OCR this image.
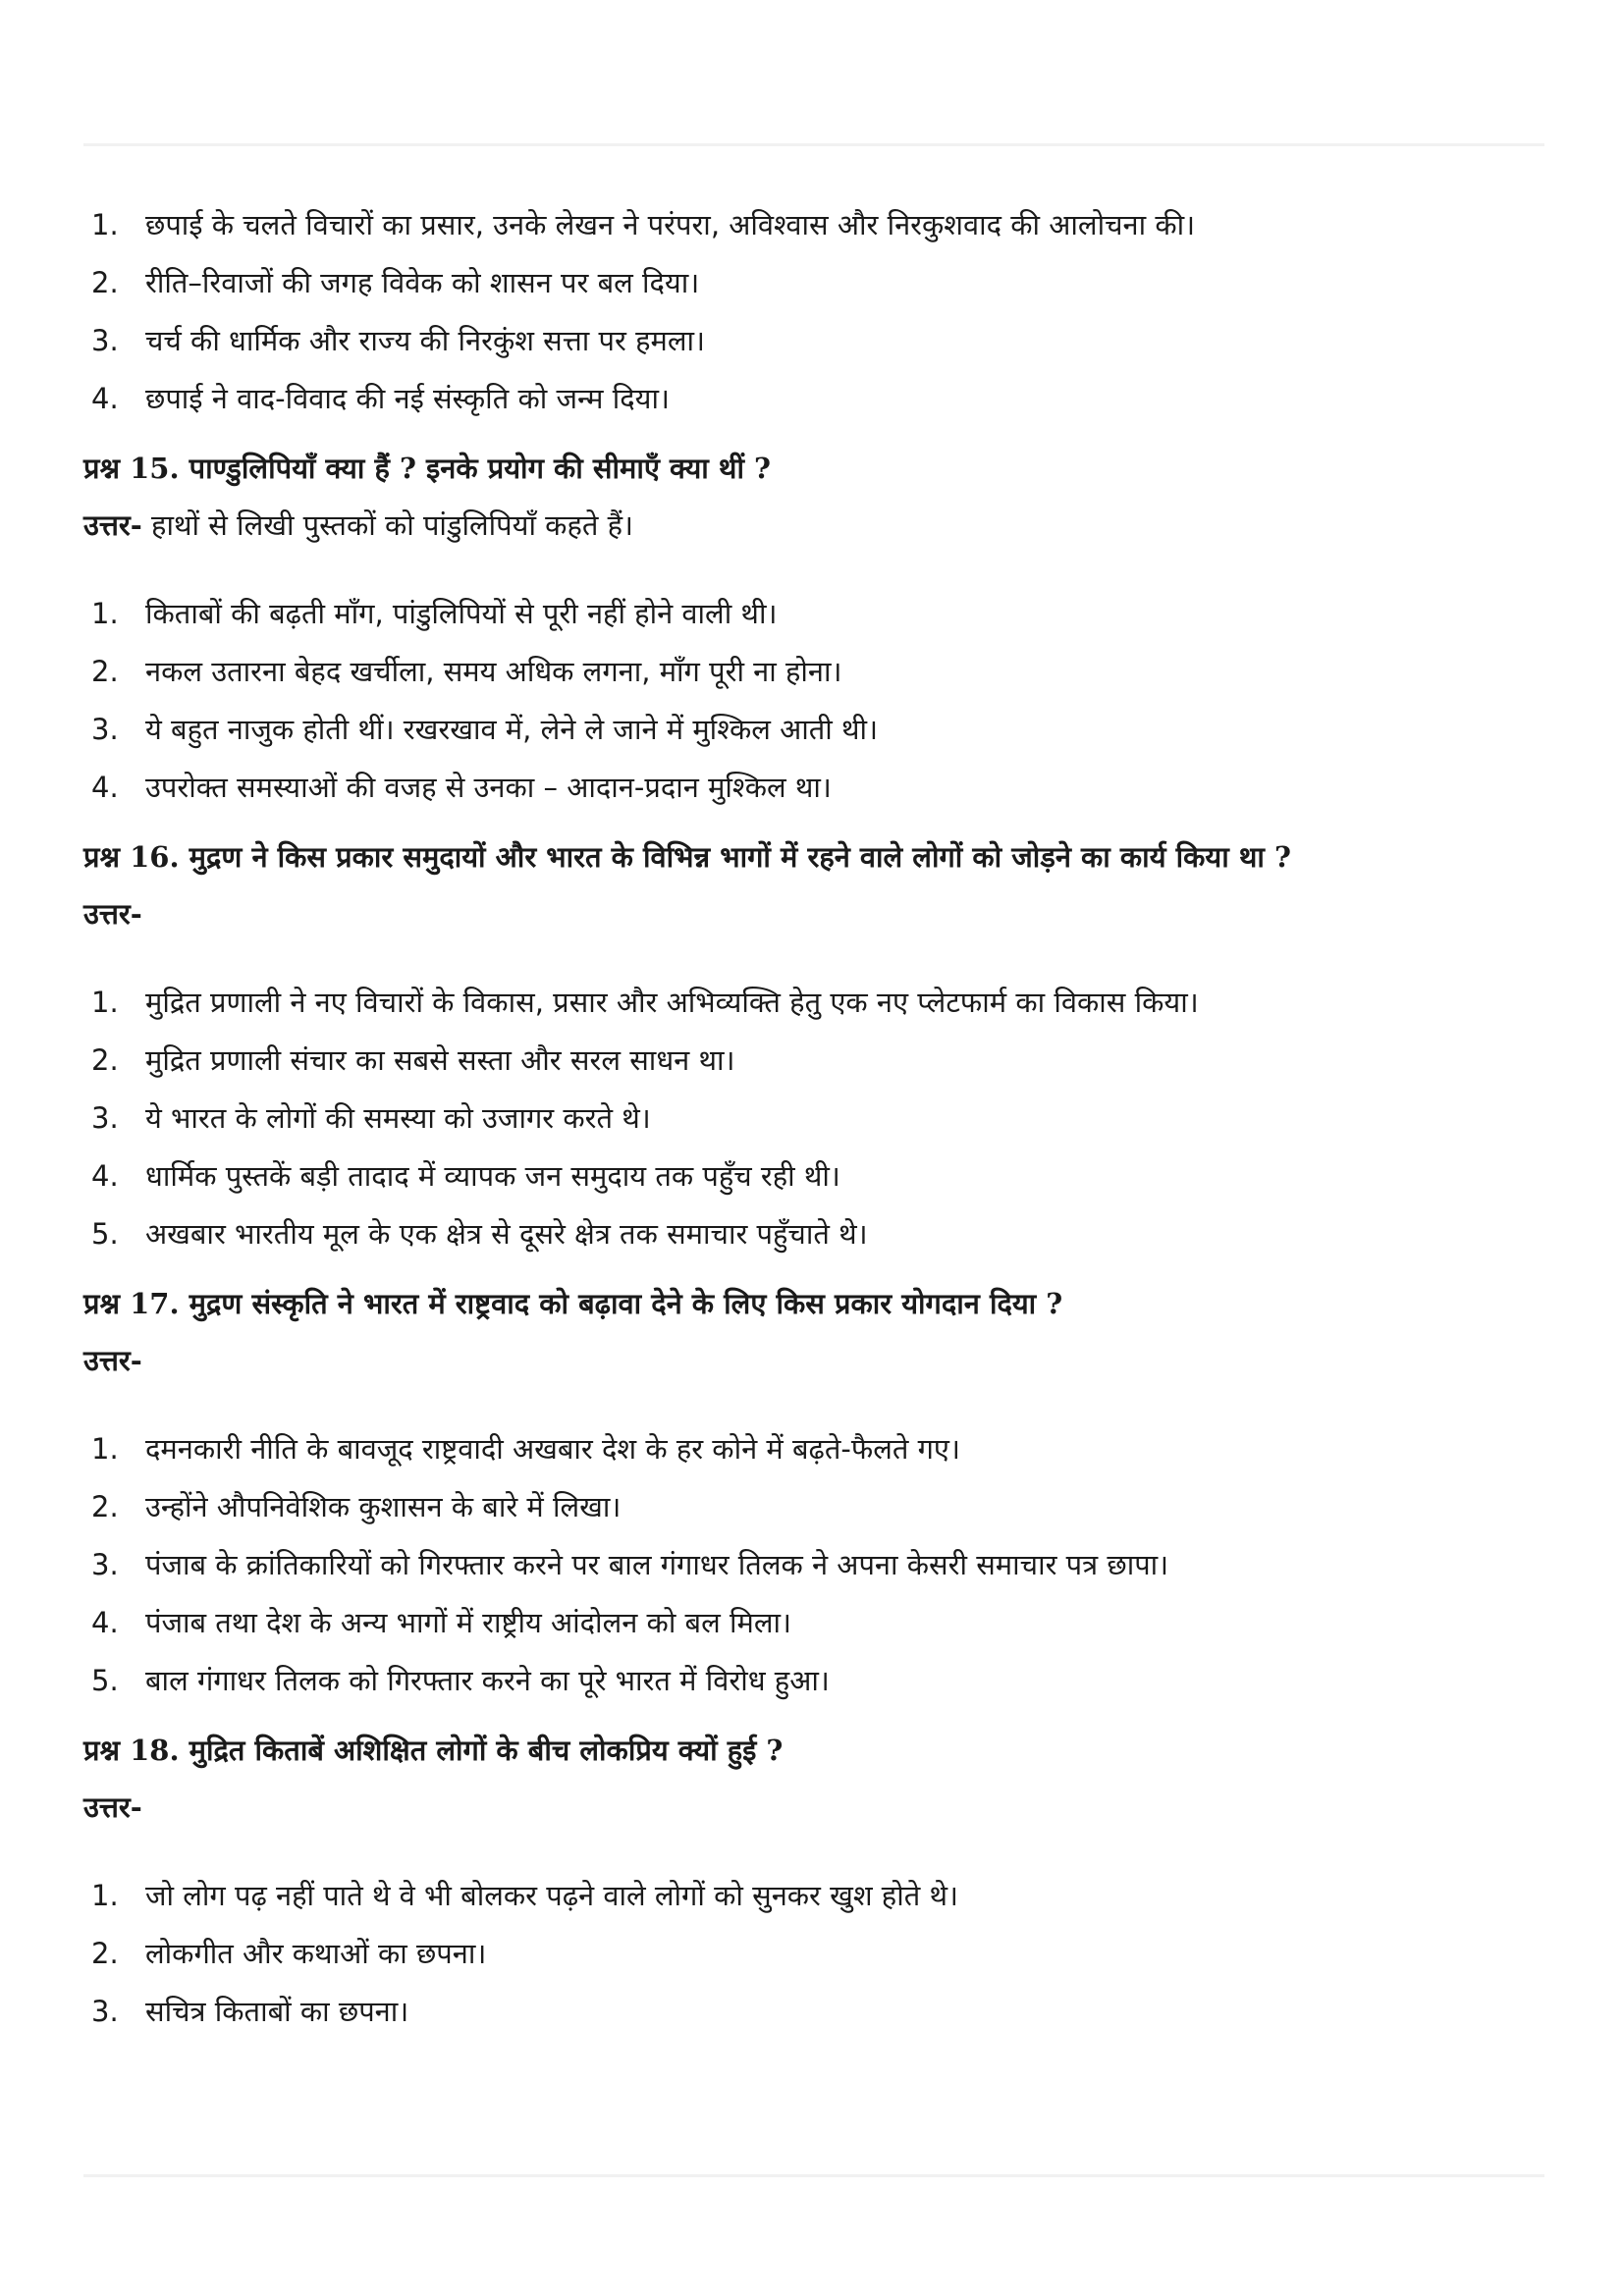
1. छपाई के चलते विचारों का प्रसार, उनके लेखन ने परंपरा, अविश्वास और निरकुशवाद की आलोचना की।
2. रीति–रिवाजों की जगह विवेक को शासन पर बल दिया।
3. चर्च की धार्मिक और राज्य की निरकुंश सत्ता पर हमला।
4. छपाई ने वाद-विवाद की नई संस्कृति को जन्म दिया।

प्रश्न 15. पाण्डुलिपियाँ क्या हैं ? इनके प्रयोग की सीमाएँ क्या थीं ?

उत्तर- हाथों से लिखी पुस्तकों को पांडुलिपियाँ कहते हैं।

1. किताबों की बढ़ती माँग, पांडुलिपियों से पूरी नहीं होने वाली थी।
2. नकल उतारना बेहद खर्चीला, समय अधिक लगना, माँग पूरी ना होना।
3. ये बहुत नाजुक होती थीं। रखरखाव में, लेने ले जाने में मुश्किल आती थी।
4. उपरोक्त समस्याओं की वजह से उनका – आदान-प्रदान मुश्किल था।

प्रश्न 16. मुद्रण ने किस प्रकार समुदायों और भारत के विभिन्न भागों में रहने वाले लोगों को जोड़ने का कार्य किया था ?

उत्तर-

1. मुद्रित प्रणाली ने नए विचारों के विकास, प्रसार और अभिव्यक्ति हेतु एक नए प्लेटफार्म का विकास किया।
2. मुद्रित प्रणाली संचार का सबसे सस्ता और सरल साधन था।
3. ये भारत के लोगों की समस्या को उजागर करते थे।
4. धार्मिक पुस्तकें बड़ी तादाद में व्यापक जन समुदाय तक पहुँच रही थी।
5. अखबार भारतीय मूल के एक क्षेत्र से दूसरे क्षेत्र तक समाचार पहुँचाते थे।

प्रश्न 17. मुद्रण संस्कृति ने भारत में राष्ट्रवाद को बढ़ावा देने के लिए किस प्रकार योगदान दिया ?

उत्तर-

1. दमनकारी नीति के बावजूद राष्ट्रवादी अखबार देश के हर कोने में बढ़ते-फैलते गए।
2. उन्होंने औपनिवेशिक कुशासन के बारे में लिखा।
3. पंजाब के क्रांतिकारियों को गिरफ्तार करने पर बाल गंगाधर तिलक ने अपना केसरी समाचार पत्र छापा।
4. पंजाब तथा देश के अन्य भागों में राष्ट्रीय आंदोलन को बल मिला।
5. बाल गंगाधर तिलक को गिरफ्तार करने का पूरे भारत में विरोध हुआ।

प्रश्न 18. मुद्रित किताबें अशिक्षित लोगों के बीच लोकप्रिय क्यों हुई ?

उत्तर-

1. जो लोग पढ़ नहीं पाते थे वे भी बोलकर पढ़ने वाले लोगों को सुनकर खुश होते थे।
2. लोकगीत और कथाओं का छपना।
3. सचित्र किताबों का छपना।
